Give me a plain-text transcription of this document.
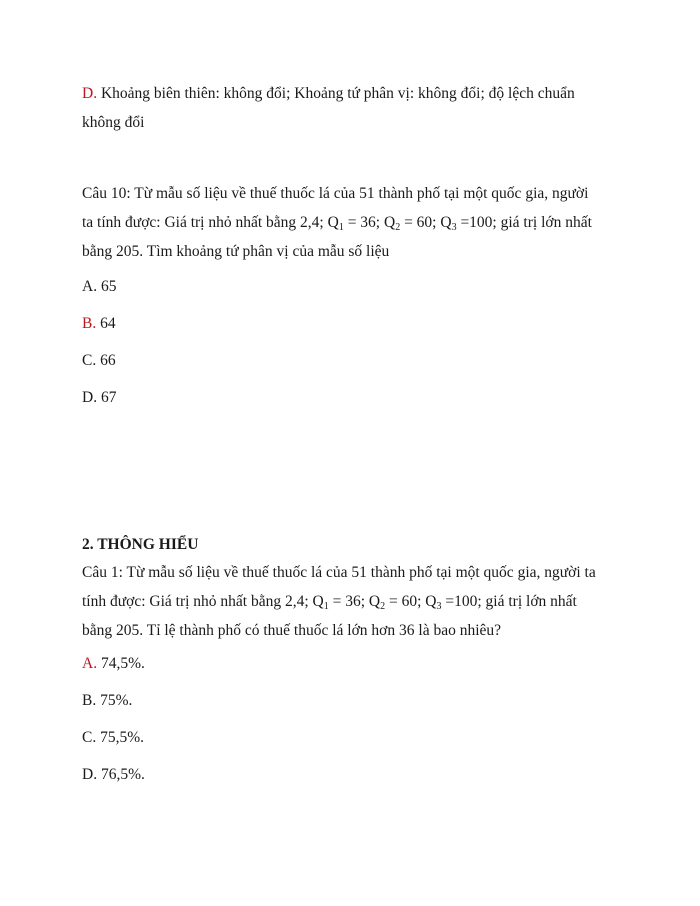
D. Khoảng biên thiên: không đổi; Khoảng tứ phân vị: không đổi; độ lệch chuẩn
không đổi
Câu 10: Từ mẫu số liệu về thuế thuốc lá của 51 thành phố tại một quốc gia, người
ta tính được: Giá trị nhỏ nhất bằng 2,4; $Q_1 = 36$; $Q_2 = 60$; $Q_3 =100$; giá trị lớn nhất
bằng 205. Tìm khoảng tứ phân vị của mẫu số liệu
A. 65
B. 64
C. 66
D. 67
2. THÔNG HIỂU
Câu 1: Từ mẫu số liệu về thuế thuốc lá của 51 thành phố tại một quốc gia, người ta
tính được: Giá trị nhỏ nhất bằng 2,4; $Q_1 = 36$; $Q_2 = 60$; $Q_3 =100$; giá trị lớn nhất
bằng 205. Tỉ lệ thành phố có thuế thuốc lá lớn hơn 36 là bao nhiêu?
A. 74,5%.
B. 75%.
C. 75,5%.
D. 76,5%.
